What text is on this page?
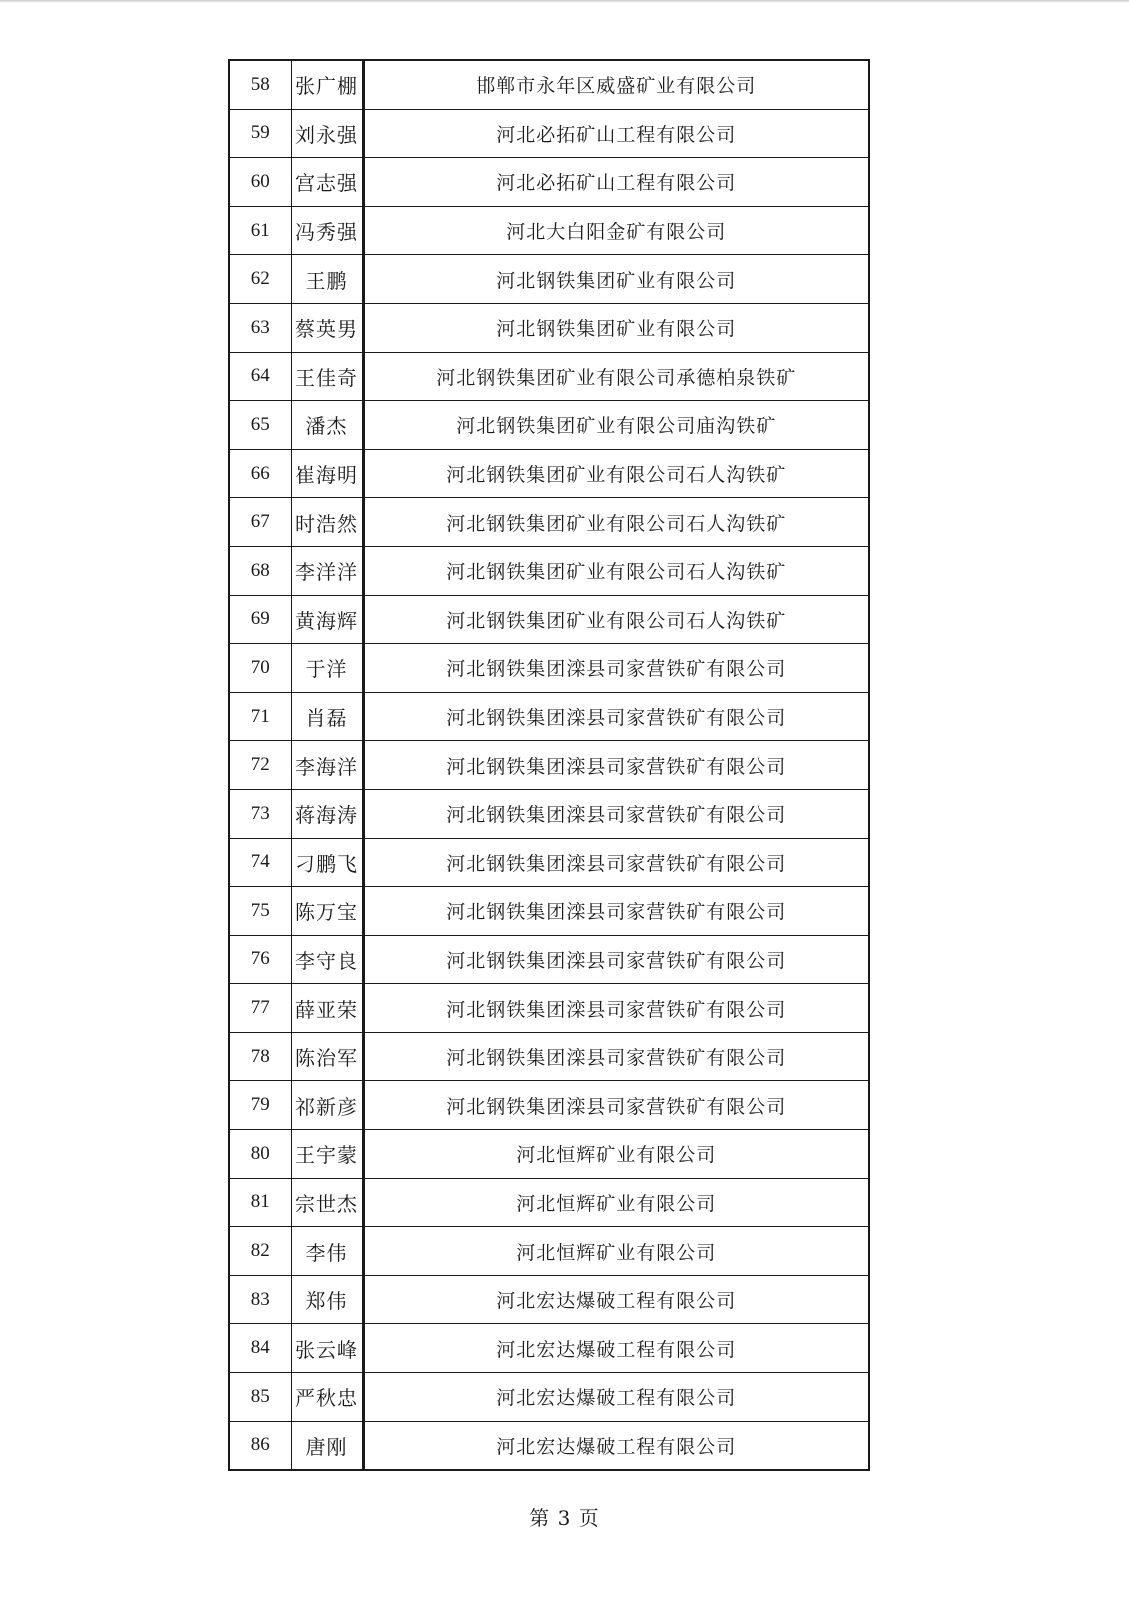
58	张广棚	邯郸市永年区威盛矿业有限公司
59	刘永强	河北必拓矿山工程有限公司
60	宫志强	河北必拓矿山工程有限公司
61	冯秀强	河北大白阳金矿有限公司
62	王鹏	河北钢铁集团矿业有限公司
63	蔡英男	河北钢铁集团矿业有限公司
64	王佳奇	河北钢铁集团矿业有限公司承德柏泉铁矿
65	潘杰	河北钢铁集团矿业有限公司庙沟铁矿
66	崔海明	河北钢铁集团矿业有限公司石人沟铁矿
67	时浩然	河北钢铁集团矿业有限公司石人沟铁矿
68	李洋洋	河北钢铁集团矿业有限公司石人沟铁矿
69	黄海辉	河北钢铁集团矿业有限公司石人沟铁矿
70	于洋	河北钢铁集团滦县司家营铁矿有限公司
71	肖磊	河北钢铁集团滦县司家营铁矿有限公司
72	李海洋	河北钢铁集团滦县司家营铁矿有限公司
73	蒋海涛	河北钢铁集团滦县司家营铁矿有限公司
74	刁鹏飞	河北钢铁集团滦县司家营铁矿有限公司
75	陈万宝	河北钢铁集团滦县司家营铁矿有限公司
76	李守良	河北钢铁集团滦县司家营铁矿有限公司
77	薛亚荣	河北钢铁集团滦县司家营铁矿有限公司
78	陈治军	河北钢铁集团滦县司家营铁矿有限公司
79	祁新彦	河北钢铁集团滦县司家营铁矿有限公司
80	王宇蒙	河北恒辉矿业有限公司
81	宗世杰	河北恒辉矿业有限公司
82	李伟	河北恒辉矿业有限公司
83	郑伟	河北宏达爆破工程有限公司
84	张云峰	河北宏达爆破工程有限公司
85	严秋忠	河北宏达爆破工程有限公司
86	唐刚	河北宏达爆破工程有限公司
第 3 页
